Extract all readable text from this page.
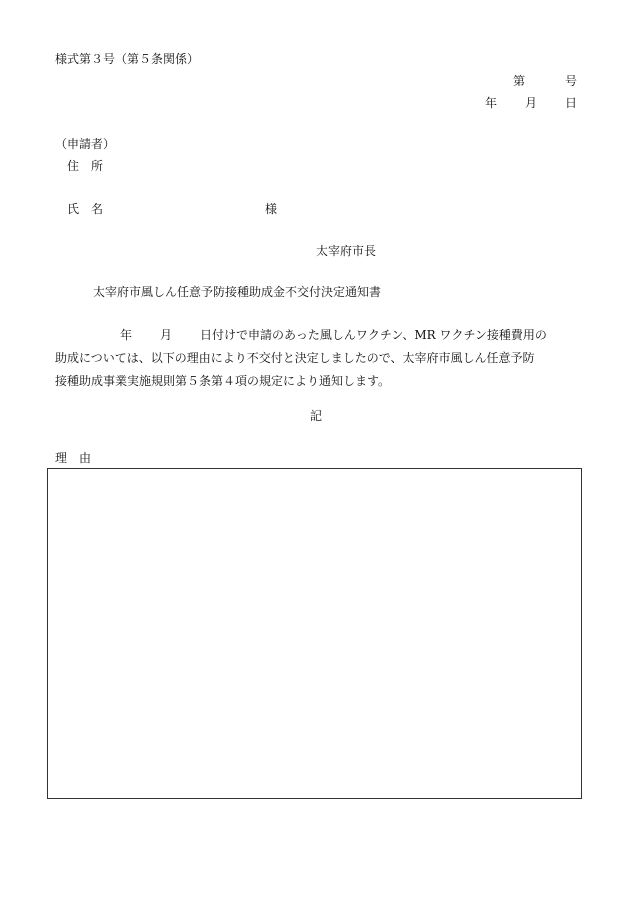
様式第３号（第５条関係）
第	号
年 月 日
（申請者）
住　所
氏　名	様
太宰府市長
太宰府市風しん任意予防接種助成金不交付決定通知書
年 月 日付けで申請のあった風しんワクチン、MR ワクチン接種費用の
助成については、以下の理由により不交付と決定しましたので、太宰府市風しん任意予防
接種助成事業実施規則第５条第４項の規定により通知します。
記
理　由
